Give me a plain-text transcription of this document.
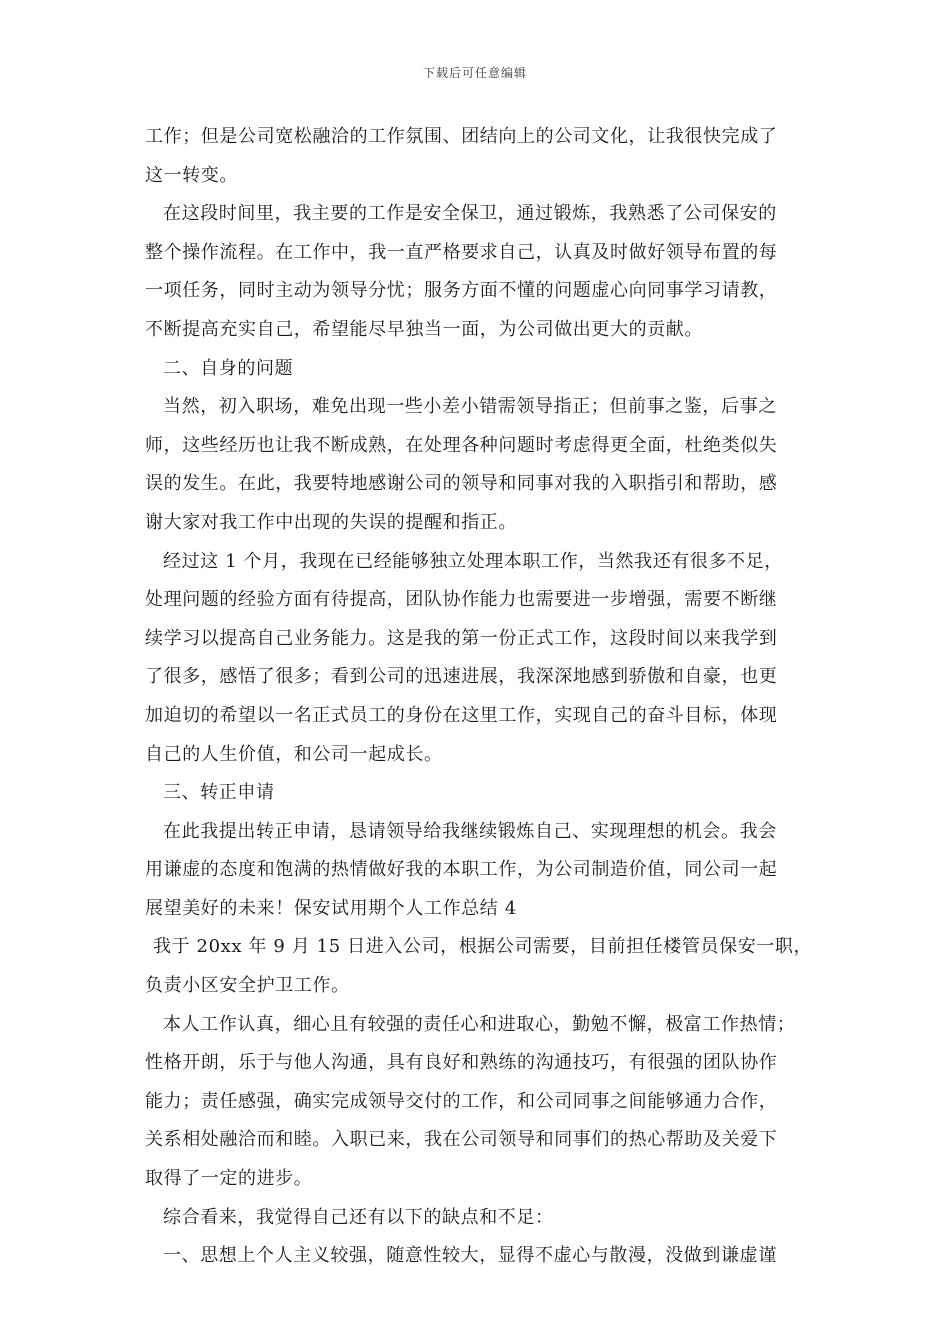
下载后可任意编辑
工作；但是公司宽松融洽的工作氛围、团结向上的公司文化，让我很快完成了
这一转变。
在这段时间里，我主要的工作是安全保卫，通过锻炼，我熟悉了公司保安的
整个操作流程。在工作中，我一直严格要求自己，认真及时做好领导布置的每
一项任务，同时主动为领导分忧；服务方面不懂的问题虚心向同事学习请教，
不断提高充实自己，希望能尽早独当一面，为公司做出更大的贡献。
二、自身的问题
当然，初入职场，难免出现一些小差小错需领导指正；但前事之鉴，后事之
师，这些经历也让我不断成熟，在处理各种问题时考虑得更全面，杜绝类似失
误的发生。在此，我要特地感谢公司的领导和同事对我的入职指引和帮助，感
谢大家对我工作中出现的失误的提醒和指正。
经过这 1 个月，我现在已经能够独立处理本职工作，当然我还有很多不足，
处理问题的经验方面有待提高，团队协作能力也需要进一步增强，需要不断继
续学习以提高自己业务能力。这是我的第一份正式工作，这段时间以来我学到
了很多，感悟了很多；看到公司的迅速进展，我深深地感到骄傲和自豪，也更
加迫切的希望以一名正式员工的身份在这里工作，实现自己的奋斗目标，体现
自己的人生价值，和公司一起成长。
三、转正申请
在此我提出转正申请，恳请领导给我继续锻炼自己、实现理想的机会。我会
用谦虚的态度和饱满的热情做好我的本职工作，为公司制造价值，同公司一起
展望美好的未来！保安试用期个人工作总结 4
我于 20xx 年 9 月 15 日进入公司，根据公司需要，目前担任楼管员保安一职，
负责小区安全护卫工作。
本人工作认真，细心且有较强的责任心和进取心，勤勉不懈，极富工作热情；
性格开朗，乐于与他人沟通，具有良好和熟练的沟通技巧，有很强的团队协作
能力；责任感强，确实完成领导交付的工作，和公司同事之间能够通力合作，
关系相处融洽而和睦。入职已来，我在公司领导和同事们的热心帮助及关爱下
取得了一定的进步。
综合看来，我觉得自己还有以下的缺点和不足：
一、思想上个人主义较强，随意性较大，显得不虚心与散漫，没做到谦虚谨
